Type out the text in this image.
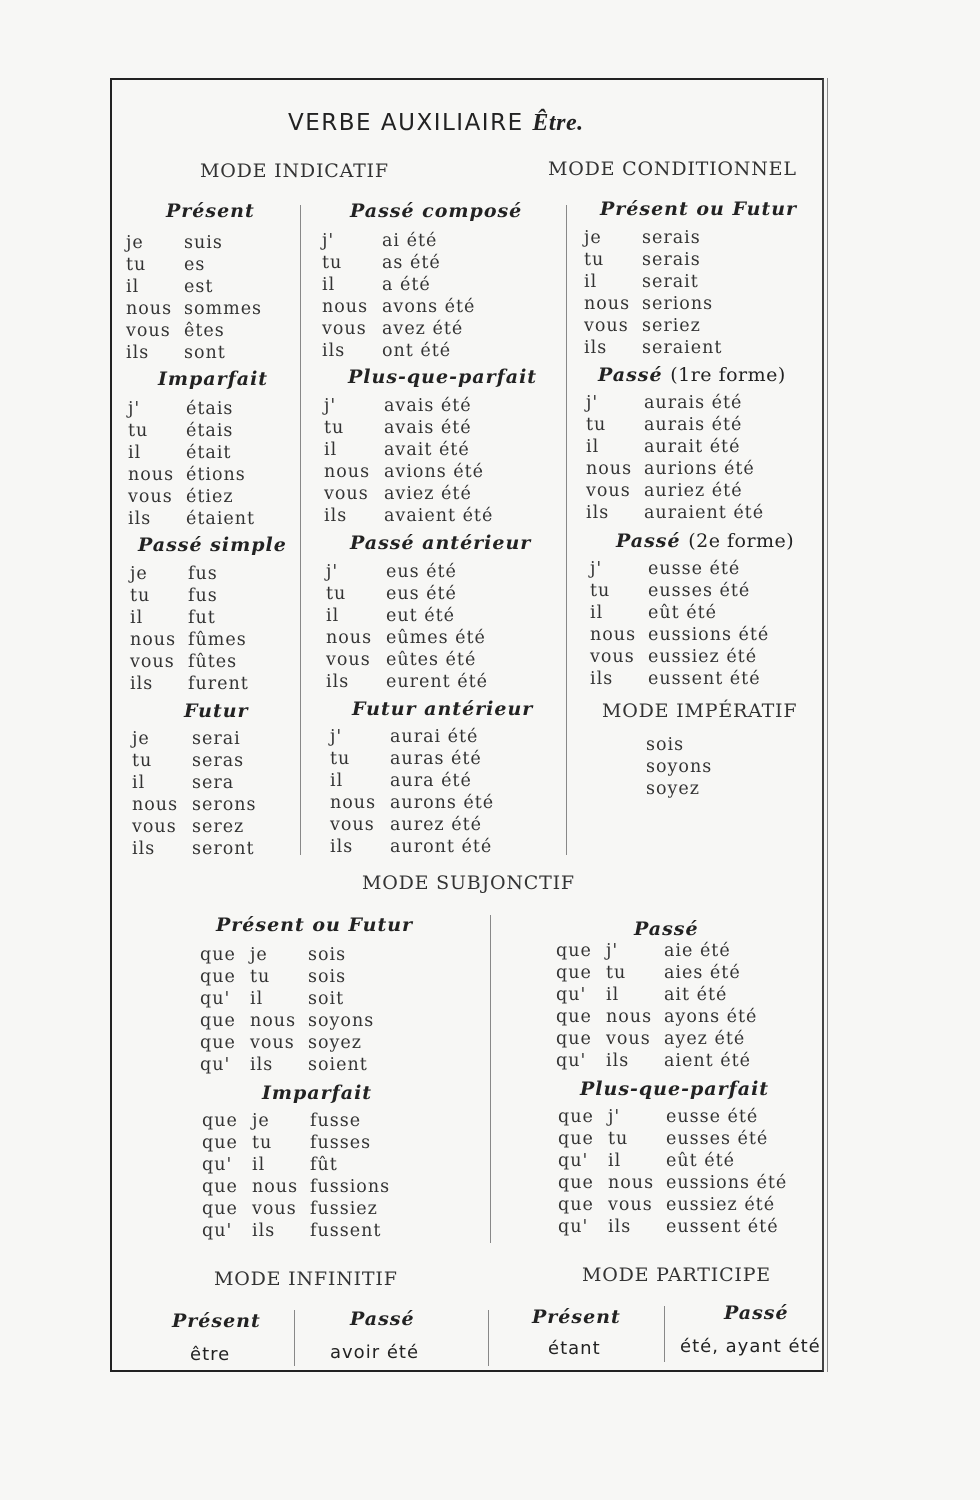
VERBE AUXILIAIRE Être.
MODE INDICATIF	MODE CONDITIONNEL
Présent
je	suis
tu	es
il	est
nous sommes
vous êtes
ils	sont
Imparfait
j'	étais
tu	étais
il	était
nous étions
vous étiez
ils	étaient
Passé simple
je	fus
tu	fus
il	fut
nous fûmes
vous fûtes
ils	furent
Futur
je	serai
tu	seras
il	sera
nous serons
vous serez
ils	seront
Passé composé
j'	ai été
tu	as été
il	a été
nous avons été
vous avez été
ils	ont été
Plus-que-parfait
j'	avais été
tu	avais été
il	avait été
nous avions été
vous aviez été
ils	avaient été
Passé antérieur
j'	eus été
tu	eus été
il	eut été
nous eûmes été
vous eûtes été
ils	eurent été
Futur antérieur
j'	aurai été
tu	auras été
il	aura été
nous aurons été
vous aurez été
ils	auront été
Présent ou Futur
je	serais
tu	serais
il	serait
nous serions
vous seriez
ils	seraient
Passé (1re forme)
j'	aurais été
tu	aurais été
il	aurait été
nous aurions été
vous auriez été
ils	auraient été
Passé (2e forme)
j'	eusse été
tu	eusses été
il	eût été
nous eussions été
vous eussiez été
ils	eussent été
MODE IMPÉRATIF
sois
soyons
soyez
MODE SUBJONCTIF
Présent ou Futur
que je	sois
que tu	sois
qu'	il	soit
que nous soyons
que vous soyez
qu'	ils	soient
Imparfait
que je	fusse
que tu	fusses
qu'	il	fût
que nous fussions
que vous fussiez
qu'	ils	fussent
Passé
que j'	aie été
que tu	aies été
qu'	il	ait été
que nous ayons été
que vous ayez été
qu'	ils	aient été
Plus-que-parfait
que j'	eusse été
que tu	eusses été
qu'	il	eût été
que nous eussions été
que vous eussiez été
qu'	ils	eussent été
MODE INFINITIF	MODE PARTICIPE
Présent	Passé	Présent	Passé
être	avoir été	étant	été, ayant été
